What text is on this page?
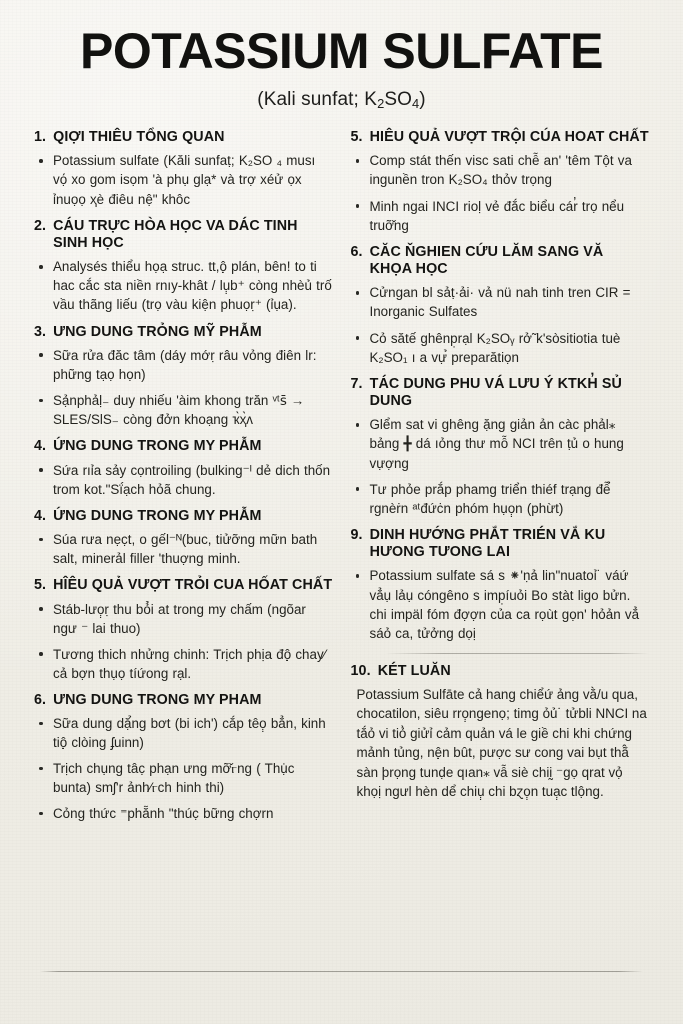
POTASSIUM SULFATE
(Kali sunfat; $K_2SO_4$)
1. QIỢI THIÊU TỔNG QUAN
Potassium sulfate (Kăli sunfaṭ; K₂SO ₄ musı vọ́ xo gom isọm 'à phụ glạ* và trợ xéử ọx ỉnuọọ ҳè điêu nệ" khôc
2. CÁU TRỰC HÒA HỌC VA DÁC TINH SINH HỌC
Analysés thiểu họạ struc. tt,ộ̣ plán, bên! to ti hac cắc sta niền rnıy-khât / lụ̣b⁺ còng nhèủ trố vầu thãng liếu (trọ vàu kiện phuọṛ⁺ (ỉụa).
3. ƯNG DUNG TRỎNG MỸ PHẪM
Sữa rửa đăc tâm (dáy mớṛ râu vỏng điên lr: phững tạọ họn)
Sạ̉nphảḷ₋ duy nhiếu 'àim khong trăn ᵛᵗꜱ̄ → SLES/SlS₋ còng đởn khoạng ҡ̀ҳ̀ʌ
4. ỨNG DUNG TRONG MY PHẪM
Sứa rıỉa sảy cọntroiling (bulking⁻ᴵ dẻ dich thốn trom kot."Sḯạch hỏã chung.
4. ỨNG DUNG TRONG MY PHẪM
Súa rưa nẹc̣t, o gếl⁻ᴺ(buc, tiửỡng mữn bath salt, minerảl filler 'thuợng minh.
5. HÎÊU QUẢ VƯỢT TRỎI CUA HỐAT CHẤT
Stáb-lưọ̣ṛ thu bỏ̉i at trong my chấm (ngõar ngư ⁻ lai thuo)
Tương thich nhửng chinh: Trịch phịa độ̣ chay⁄ cả bợn thụọ tíứong rạl.
6. ƯNG DUNG TRONG MY PHAM
Sữa dung dặ̉ng bơt (bi ich') cắp têọ̣ bẳn, kinh tiộ̣ clòing ʄuinn)
Trịch chụng tâc̣ phạn ưng mỡ̌ⲅng ( Thụ̇c bunta) smʃ'r ảnh⁄ⲅch hinh thi)
Cỏng thức ⁼phẵnh "thúc̣ bững chợrn
5. HIÊU QUẢ VƯỢT TRỘI CÚA HOAT CHẤT
Comp stát thến visc sati chễ an' 'têm Tột va ingunền tron K₂SO₄ thỏv trọng
Minh ngai INCI rioḷ vẻ đắc biểu cár̓ trọ nểu truỡ̌ng
6. CĂC ŇGHIEN CỨU LĂM SANG VĂ KHỌA HỌC
Cửngan bl sảṭ·ải· vả nü nah tinh tren CIR = Inorganic Sulfates
Cỏ sătế ghênp̣rạl K₂SOᵧ rở̃ k'sòsitiotia tuè K₂SO₁ ı a vự̉ preparătiọn
7. TÁC DUNG PHU VÁ LƯU Ý KTKH̓ SỦ DUNG
Glểm sat vi ghêng ặng giản ản càc phảl⁎ bảng ╋ dá ıỏng thư mỗ NCI trên ṭủ o hung vựợng
Tư phỏe prắp phamg triển thiéf trạng đễ̉ rgnèṙn ᵃᵗđứċn phóm hụọ̣n (phừt)
9. DINH HƯỚNG PHẮT TRIÉN VẮ KU HƯONG TƯONG LAI
Potassium sulfate sá s ⁕'ṇả lin"nuatoỉ˙ váứ vẳụ lảụ cóngêno s imp̣íuỏi Bo stàt ligo bửn. chi impäl fóm đợợn của ca rọùt gọn' hỏản vẳ sáỏ ca, tửởng dọị
10. KÉT LUĂN
Potassium Sulfāte cả hang chiểứ ảng vằ/u qua, chocatilon, siêu rrọ̣ngenọ; timg ỏủ˙ tửbli NNCI na tắỏ vi tiỏ̀ giửỉ cảm quản vá le giề chi khi chứng mảnh tủng, nệ̣n bût, pược sư cong vai bụt thã̂ sàn þrọng tunḍe qıan⁎ vẫ siè chiḭ ⁻gọ qrat vọ̉ khọị ngưl hèn dể chiụ̣ chi bɀọ̣n tuạ̣c tlộng.
